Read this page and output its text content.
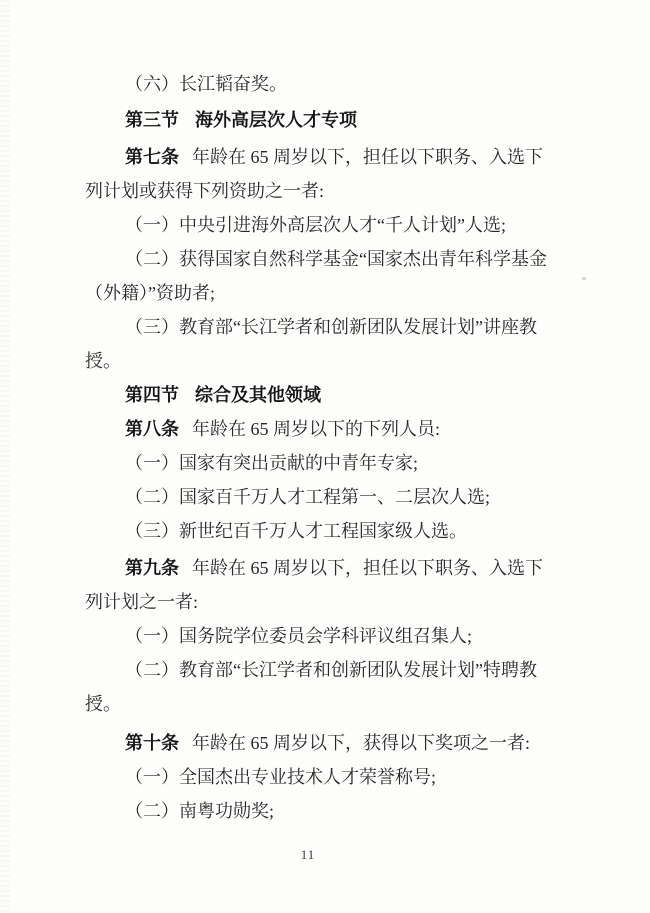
（六）长江韬奋奖。
第三节 海外高层次人才专项
第七条 年龄在 65 周岁以下，担任以下职务、入选下
列计划或获得下列资助之一者:
（一）中央引进海外高层次人才“千人计划”人选;
（二）获得国家自然科学基金“国家杰出青年科学基金
（外籍）”资助者;
（三）教育部“长江学者和创新团队发展计划”讲座教
授。
第四节 综合及其他领域
第八条 年龄在 65 周岁以下的下列人员:
（一）国家有突出贡献的中青年专家;
（二）国家百千万人才工程第一、二层次人选;
（三）新世纪百千万人才工程国家级人选。
第九条 年龄在 65 周岁以下，担任以下职务、入选下
列计划之一者:
（一）国务院学位委员会学科评议组召集人;
（二）教育部“长江学者和创新团队发展计划”特聘教
授。
第十条 年龄在 65 周岁以下，获得以下奖项之一者:
（一）全国杰出专业技术人才荣誉称号;
（二）南粤功勋奖;
11
